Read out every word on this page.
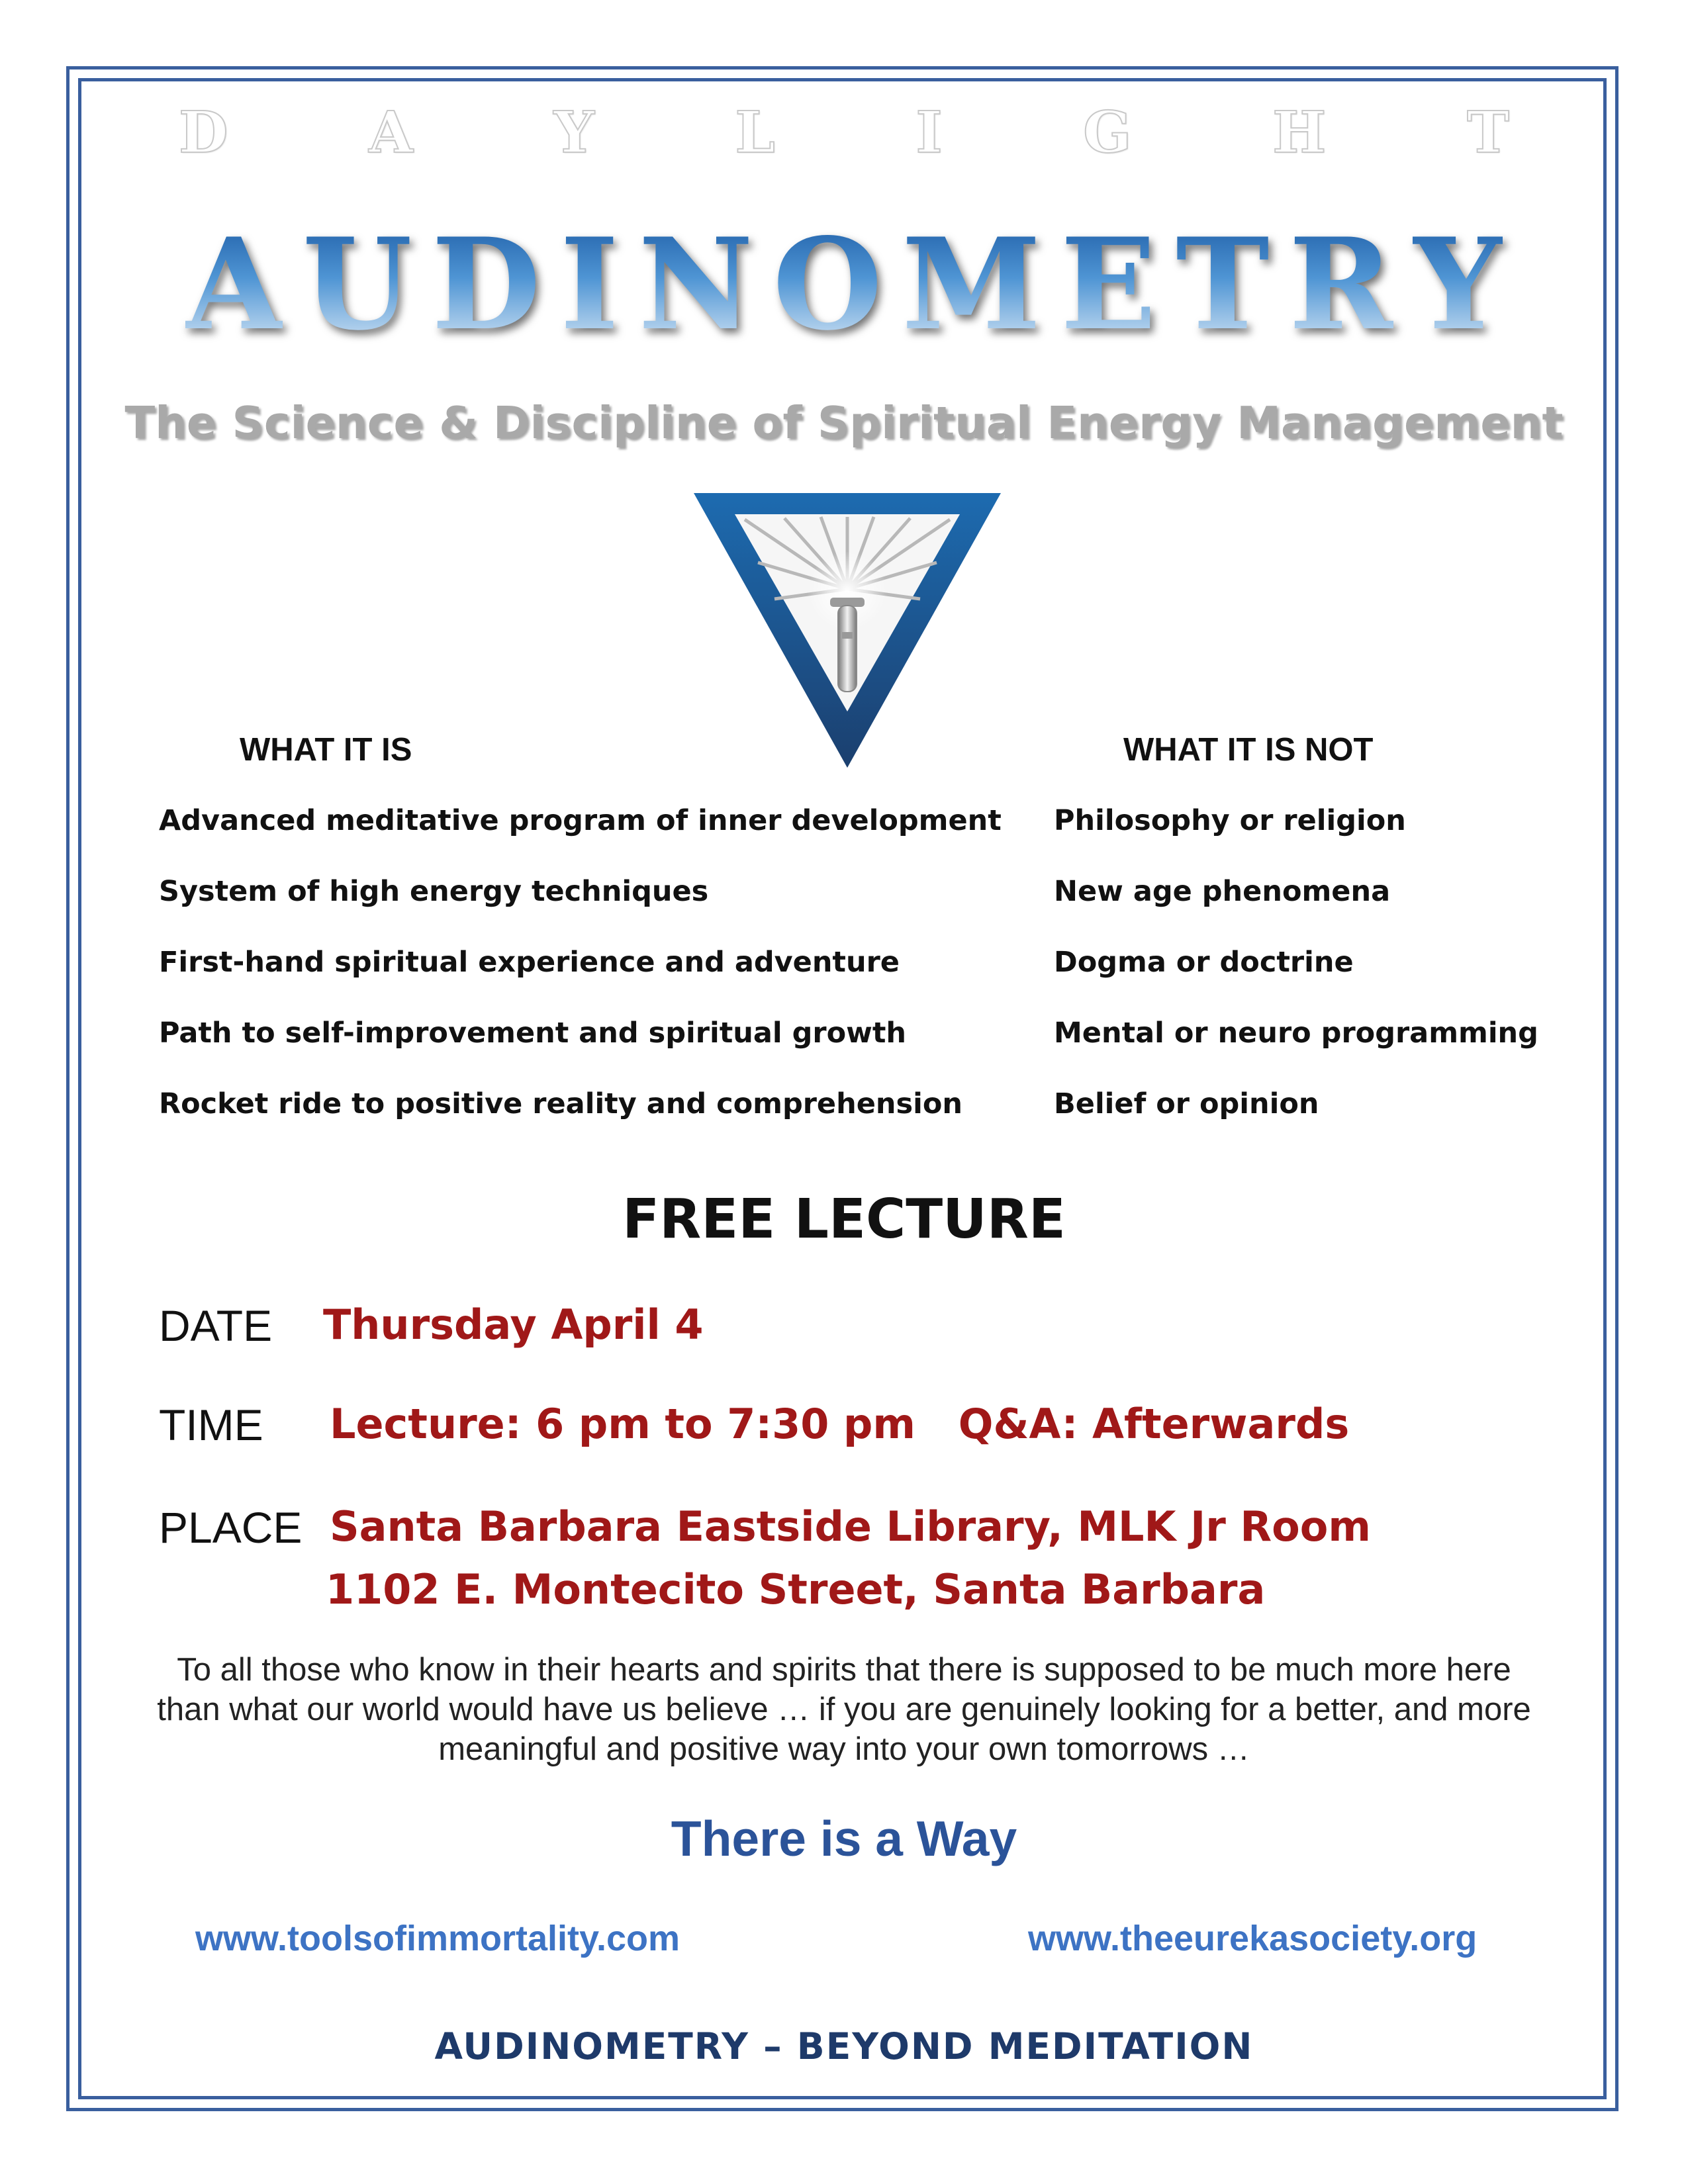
D A Y L I G H T
A U D I N O M E T R Y
The Science & Discipline of Spiritual Energy Management
WHAT IT IS	WHAT IT IS NOT
Advanced meditative program of inner development
System of high energy techniques
First-hand spiritual experience and adventure
Path to self-improvement and spiritual growth
Rocket ride to positive reality and comprehension
Philosophy or religion
New age phenomena
Dogma or doctrine
Mental or neuro programming
Belief or opinion
FREE LECTURE
DATE Thursday April 4
TIME Lecture: 6 pm to 7:30 pm   Q&A: Afterwards
PLACE Santa Barbara Eastside Library, MLK Jr Room
1102 E. Montecito Street, Santa Barbara
To all those who know in their hearts and spirits that there is supposed to be much more here than what our world would have us believe … if you are genuinely looking for a better, and more meaningful and positive way into your own tomorrows …
There is a Way
www.toolsofimmortality.com	www.theeurekasociety.org
AUDINOMETRY – BEYOND MEDITATION
